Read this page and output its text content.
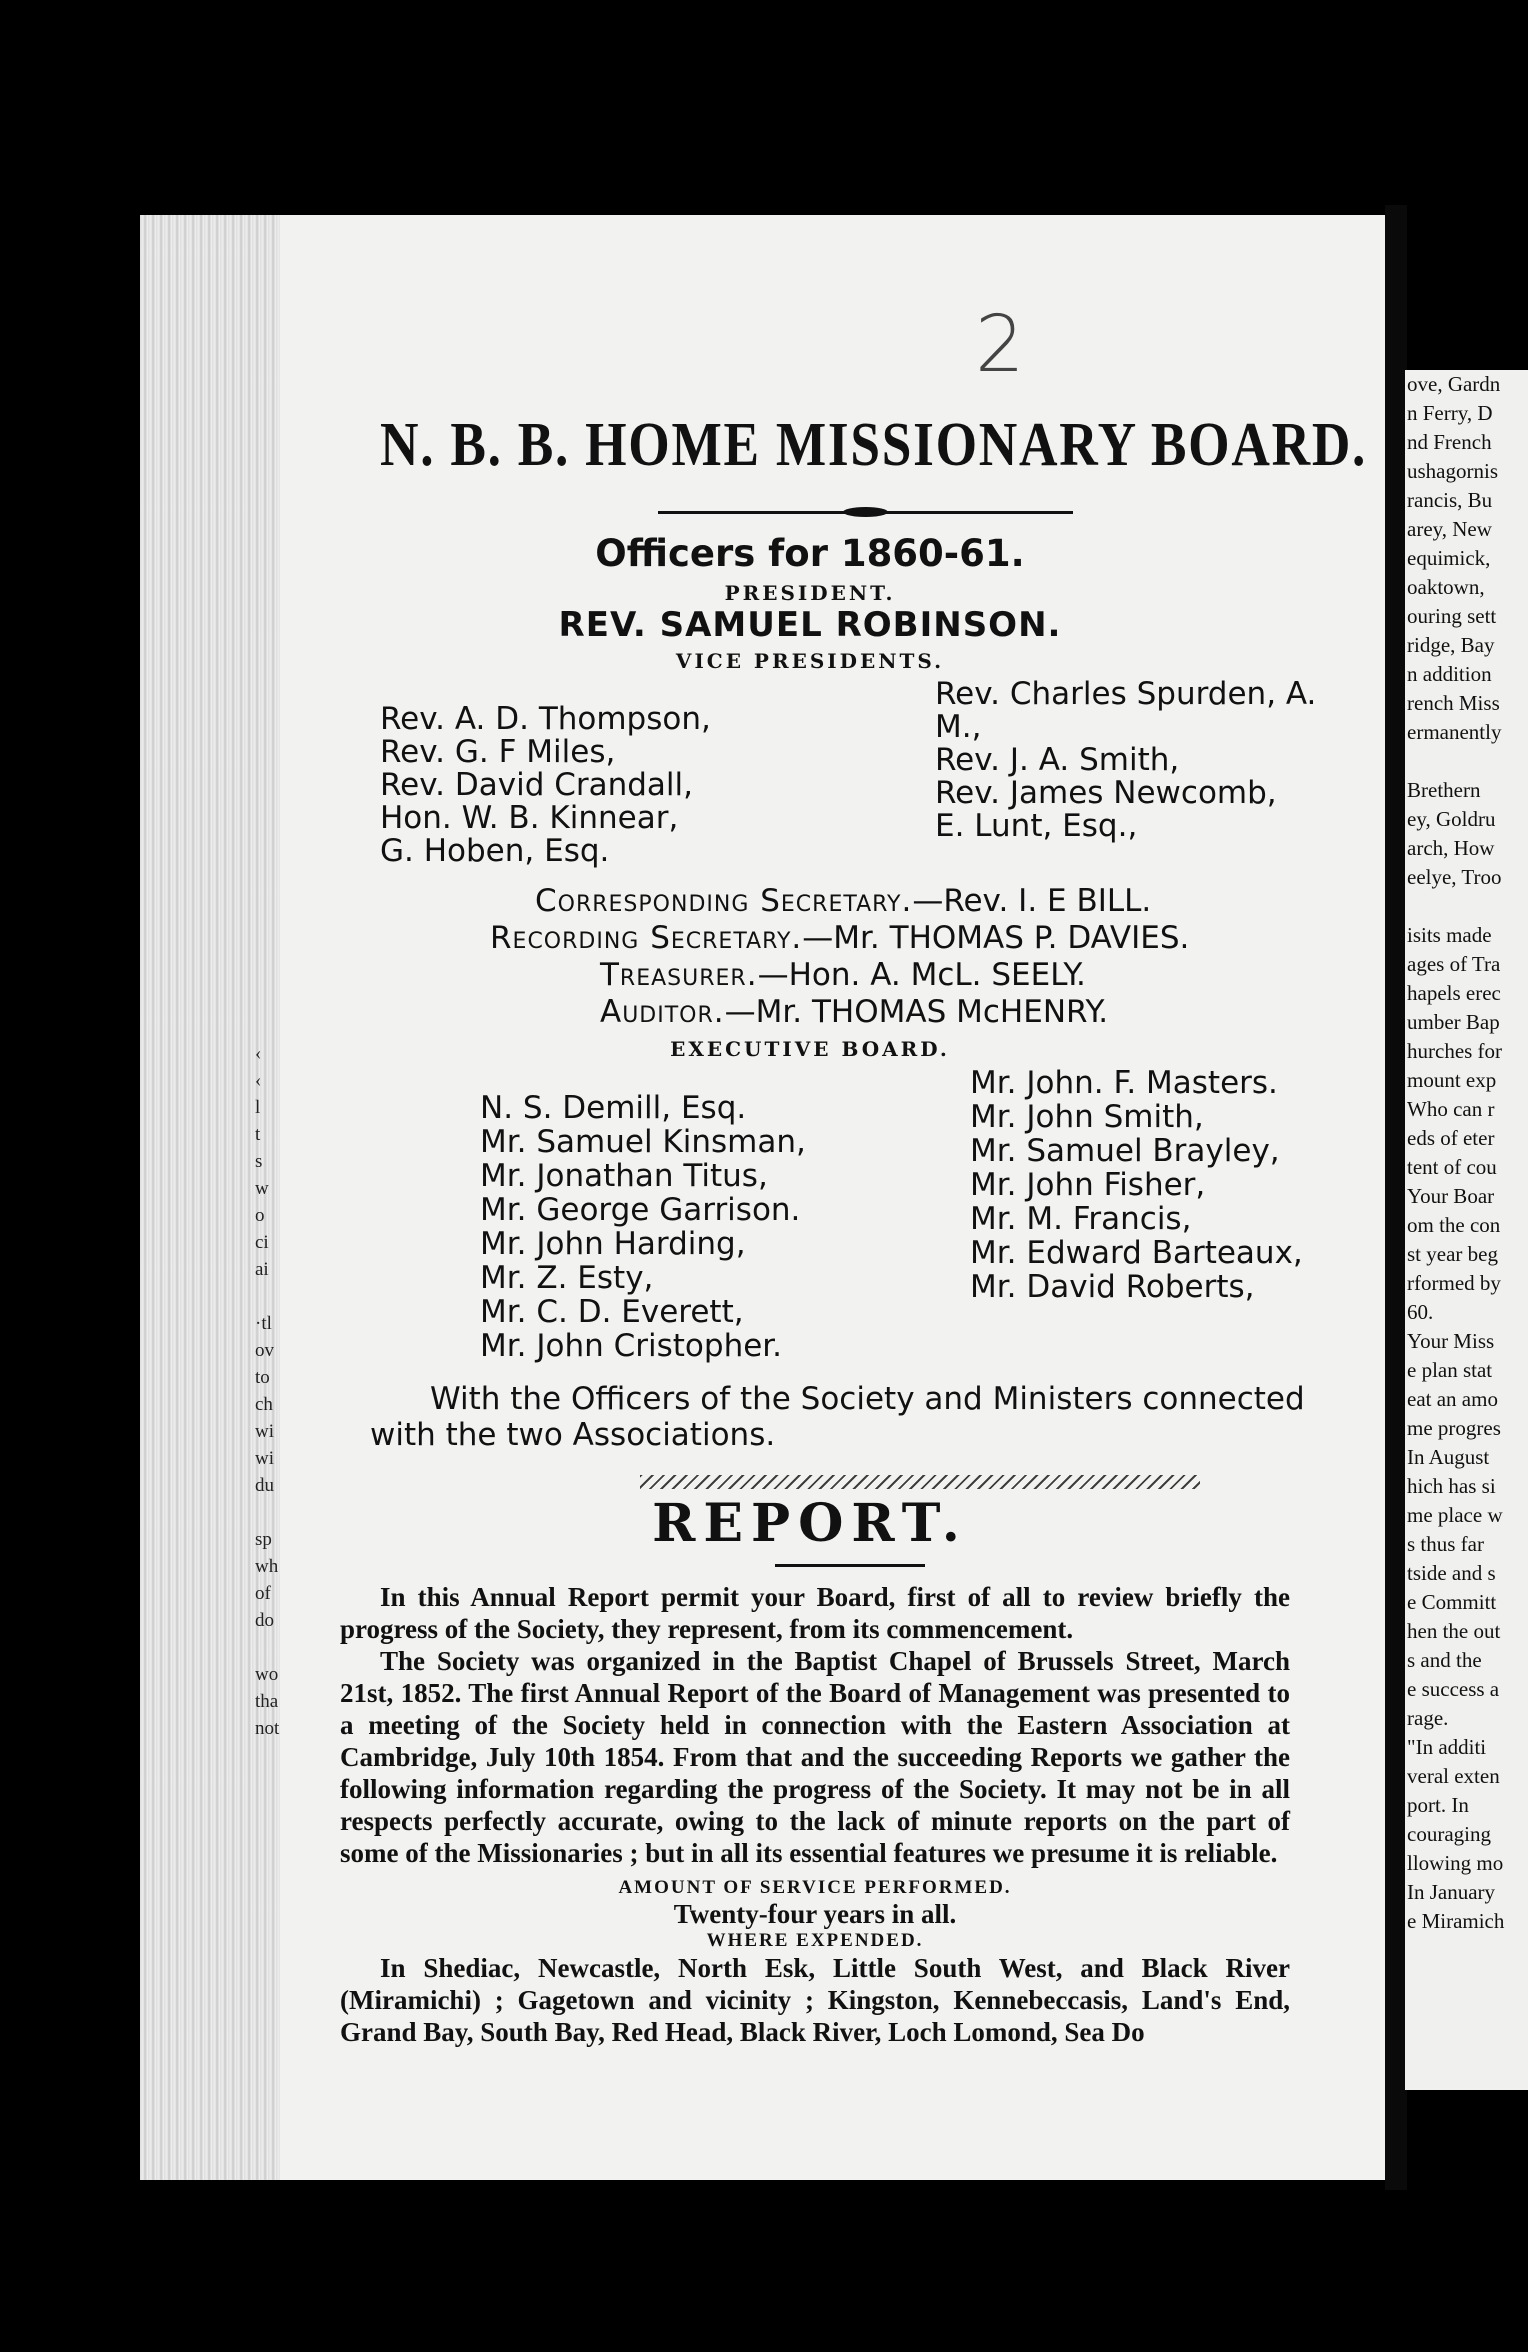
‹
‹
l
t
s
w
o
ci
ai

·tl
ov
to
ch
wi
wi
du

sp
wh
of
do

wo
tha
not
2
N. B. B. HOME MISSIONARY BOARD.
Officers for 1860-61.
PRESIDENT.
REV. SAMUEL ROBINSON.
VICE PRESIDENTS.
Rev. A. D. Thompson,
Rev. G. F Miles,
Rev. David Crandall,
Hon. W. B. Kinnear,
G. Hoben, Esq.
Rev. Charles Spurden, A. M.,
Rev. J. A. Smith,
Rev. James Newcomb,
E. Lunt, Esq.,
Corresponding Secretary.—Rev. I. E BILL.
Recording Secretary.—Mr. THOMAS P. DAVIES.
Treasurer.—Hon. A. McL. SEELY.
Auditor.—Mr. THOMAS McHENRY.
EXECUTIVE BOARD.
N. S. Demill, Esq.
Mr. Samuel Kinsman,
Mr. Jonathan Titus,
Mr. George Garrison.
Mr. John Harding,
Mr. Z. Esty,
Mr. C. D. Everett,
Mr. John Cristopher.
Mr. John. F. Masters.
Mr. John Smith,
Mr. Samuel Brayley,
Mr. John Fisher,
Mr. M. Francis,
Mr. Edward Barteaux,
Mr. David Roberts,
With the Officers of the Society and Ministers connected with the two Associations.
REPORT.
In this Annual Report permit your Board, first of all to review briefly the progress of the Society, they represent, from its commencement.
The Society was organized in the Baptist Chapel of Brussels Street, March 21st, 1852. The first Annual Report of the Board of Management was presented to a meeting of the Society held in connection with the Eastern Association at Cambridge, July 10th 1854. From that and the succeeding Reports we gather the following information regarding the progress of the Society. It may not be in all respects perfectly accurate, owing to the lack of minute reports on the part of some of the Missionaries ; but in all its essential features we presume it is reliable.
AMOUNT OF SERVICE PERFORMED.
Twenty-four years in all.
WHERE EXPENDED.
In Shediac, Newcastle, North Esk, Little South West, and Black River (Miramichi) ; Gagetown and vicinity ; Kingston, Kennebeccasis, Land's End, Grand Bay, South Bay, Red Head, Black River, Loch Lomond, Sea Do
ove, Gardn
n Ferry, D
nd French
ushagornis
rancis, Bu
arey, New
equimick,
oaktown,
ouring sett
ridge, Bay
n addition
rench Miss
ermanently

Brethern
ey, Goldru
arch, How
eelye, Troo

isits made
ages of Tra
hapels erec
umber Bap
hurches for
mount exp
Who can r
eds of eter
tent of cou
Your Boar
om the con
st year beg
rformed by
60.
Your Miss
e plan stat
eat an amo
me progres
In August
hich has si
me place w
s thus far
tside and s
e Committ
hen the out
s and the
e success a
rage.
"In additi
veral exten
port. In
couraging
llowing mo
In January
e Miramich
